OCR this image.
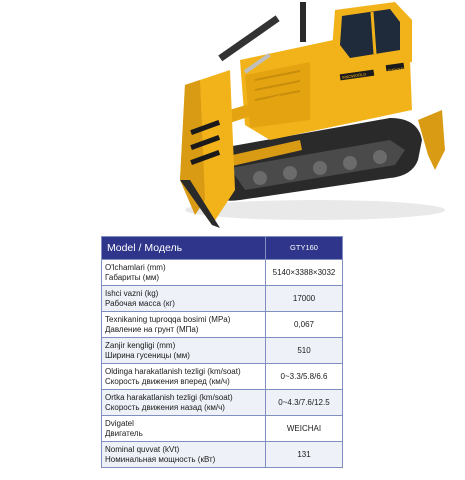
GTY160
SINOWORLD
Model / Модель	GTY160

O'lchamlari (mm)
Габариты (мм)	5140×3388×3032

Ishci vazni (kg)
Рабочая масса (кг)	17000

Texnikaning tuproqqa bosimi (MPa)
Давление на грунт (МПа)	0,067

Zanjir kengligi (mm)
Ширина гусеницы (мм)	510

Oldinga harakatlanish tezligi (km/soat)
Скорость движения вперед (км/ч)	0~3.3/5.8/6.6

Ortka harakatlanish tezligi (km/soat)
Скорость движения назад (км/ч)	0~4.3/7.6/12.5

Dvigatel
Двигатель	WEICHAI

Nominal quvvat (kVt)
Номинальная мощность (кВт)	131
